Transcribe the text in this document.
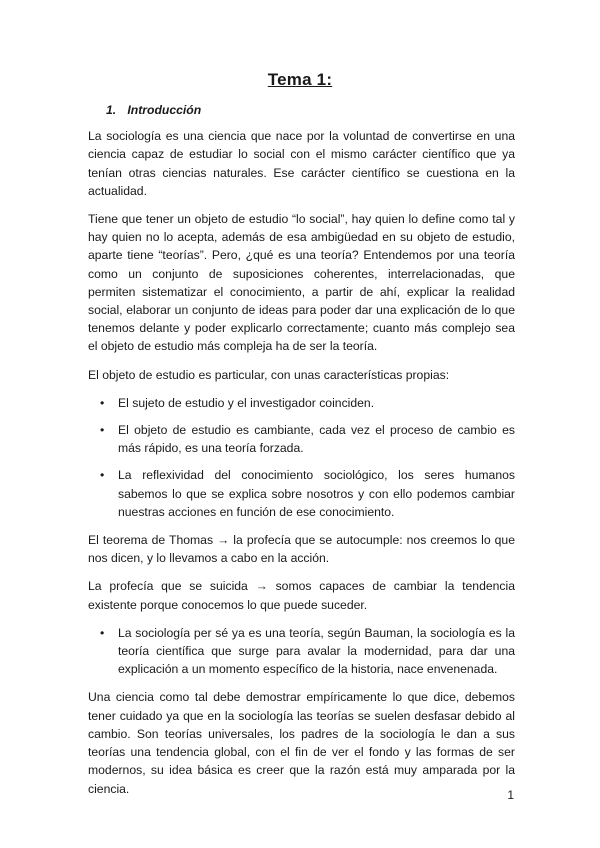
Tema 1:
1. Introducción

La sociología es una ciencia que nace por la voluntad de convertirse en una ciencia capaz de estudiar lo social con el mismo carácter científico que ya tenían otras ciencias naturales. Ese carácter científico se cuestiona en la actualidad.

Tiene que tener un objeto de estudio “lo social”, hay quien lo define como tal y hay quien no lo acepta, además de esa ambigüedad en su objeto de estudio, aparte tiene “teorías”. Pero, ¿qué es una teoría? Entendemos por una teoría como un conjunto de suposiciones coherentes, interrelacionadas, que permiten sistematizar el conocimiento, a partir de ahí, explicar la realidad social, elaborar un conjunto de ideas para poder dar una explicación de lo que tenemos delante y poder explicarlo correctamente; cuanto más complejo sea el objeto de estudio más compleja ha de ser la teoría.

El objeto de estudio es particular, con unas características propias:

• El sujeto de estudio y el investigador coinciden.
• El objeto de estudio es cambiante, cada vez el proceso de cambio es más rápido, es una teoría forzada.
• La reflexividad del conocimiento sociológico, los seres humanos sabemos lo que se explica sobre nosotros y con ello podemos cambiar nuestras acciones en función de ese conocimiento.

El teorema de Thomas → la profecía que se autocumple: nos creemos lo que nos dicen, y lo llevamos a cabo en la acción.

La profecía que se suicida → somos capaces de cambiar la tendencia existente porque conocemos lo que puede suceder.

• La sociología per sé ya es una teoría, según Bauman, la sociología es la teoría científica que surge para avalar la modernidad, para dar una explicación a un momento específico de la historia, nace envenenada.

Una ciencia como tal debe demostrar empíricamente lo que dice, debemos tener cuidado ya que en la sociología las teorías se suelen desfasar debido al cambio. Son teorías universales, los padres de la sociología le dan a sus teorías una tendencia global, con el fin de ver el fondo y las formas de ser modernos, su idea básica es creer que la razón está muy amparada por la ciencia.	1
